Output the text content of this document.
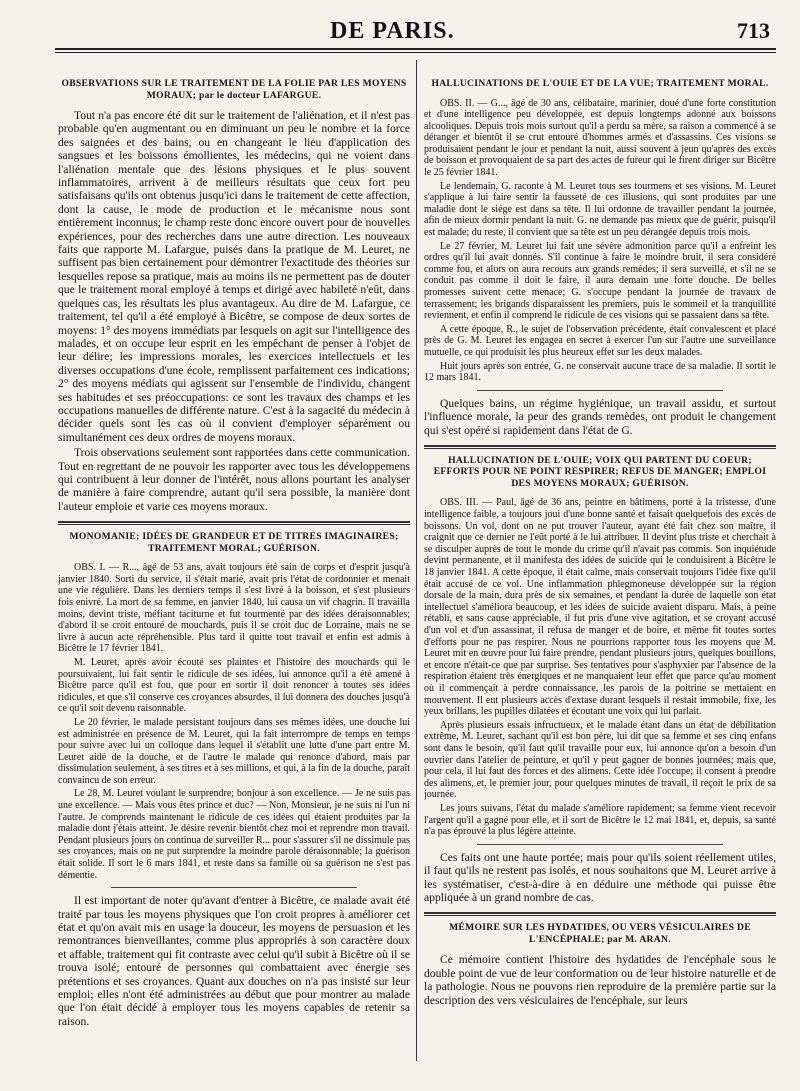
DE PARIS.	713
OBSERVATIONS SUR LE TRAITEMENT DE LA FOLIE PAR LES MOYENS MORAUX; par le docteur LAFARGUE.

Tout n'a pas encore été dit sur le traitement de l'aliénation, et il n'est pas probable qu'en augmentant ou en diminuant un peu le nombre et la force des saignées et des bains, ou en changeant le lieu d'application des sangsues et les boissons émollientes, les médecins, qui ne voient dans l'aliénation mentale que des lésions physiques et le plus souvent inflammatoires, arrivent à de meilleurs résultats que ceux fort peu satisfaisans qu'ils ont obtenus jusqu'ici dans le traitement de cette affection, dont la cause, le mode de production et le mécanisme nous sont entièrement inconnus; le champ reste donc encore ouvert pour de nouvelles expériences, pour des recherches dans une autre direction. Les nouveaux faits que rapporte M. Lafargue, puisés dans la pratique de M. Leuret, ne suffisent pas bien certainement pour démontrer l'exactitude des théories sur lesquelles repose sa pratique, mais au moins ils ne permettent pas de douter que le traitement moral employé à temps et dirigé avec habileté n'eût, dans quelques cas, les résultats les plus avantageux. Au dire de M. Lafargue, ce traitement, tel qu'il a été employé à Bicêtre, se compose de deux sortes de moyens: 1° des moyens immédiats par lesquels on agit sur l'intelligence des malades, et on occupe leur esprit en les empêchant de penser à l'objet de leur délire; les impressions morales, les exercices intellectuels et les diverses occupations d'une école, remplissent parfaitement ces indications; 2° des moyens médiats qui agissent sur l'ensemble de l'individu, changent ses habitudes et ses préoccupations: ce sont les travaux des champs et les occupations manuelles de différente nature. C'est à la sagacité du médecin à décider quels sont les cas où il convient d'employer séparément ou simultanément ces deux ordres de moyens moraux.

Trois observations seulement sont rapportées dans cette communication. Tout en regrettant de ne pouvoir les rapporter avec tous les développemens qui contribuent à leur donner de l'intérêt, nous allons pourtant les analyser de manière à faire comprendre, autant qu'il sera possible, la manière dont l'auteur emploie et varie ces moyens moraux.

MONOMANIE; IDÉES DE GRANDEUR ET DE TITRES IMAGINAIRES; TRAITEMENT MORAL; GUÉRISON.

OBS. I. — R..., âgé de 53 ans, avait toujours été sain de corps et d'esprit jusqu'à janvier 1840. Sorti du service, il s'était marié, avait pris l'état de cordonnier et menait une vie régulière. Dans les derniers temps il s'est livré à la boisson, et s'est plusieurs fois enivré. La mort de sa femme, en janvier 1840, lui causa un vif chagrin. Il travailla moins, devint triste, méfiant taciturne et fut tourmenté par des idées déraisonnables; d'abord il se croit entouré de mouchards, puis il se croit duc de Lorraine, mais ne se livre à aucun acte répréhensible. Plus tard il quitte tout travail et enfin est admis à Bicêtre le 17 février 1841.

M. Leuret, après avoir écouté ses plaintes et l'histoire des mouchards qui le poursuivaient, lui fait sentir le ridicule de ses idées, lui annonce qu'il a été amené à Bicêtre parce qu'il est fou, que pour en sortir il doit renoncer à toutes ses idées ridicules, et que s'il conserve ces croyances absurdes, il lui donnera des douches jusqu'à ce qu'il soit devenu raisonnable.

Le 20 février, le malade persistant toujours dans ses mêmes idées, une douche lui est administrée en présence de M. Leuret, qui la fait interrompre de temps en temps pour suivre avec lui un colloque dans lequel il s'établit une lutte d'une part entre M. Leuret aidé de la douche, et de l'autre le malade qui renonce d'abord, mais par dissimulation seulement, à ses titres et à ses millions, et qui, à la fin de la douche, paraît convaincu de son erreur.

Le 28, M. Leuret voulant le surprendre; bonjour à son excellence. — Je ne suis pas une excellence. — Mais vous êtes prince et duc? — Non, Monsieur, je ne suis ni l'un ni l'autre. Je comprends maintenant le ridicule de ces idées qui étaient produites par la maladie dont j'étais atteint. Je désire revenir bientôt chez moi et reprendre mon travail. Pendant plusieurs jours on continua de surveiller R... pour s'assurer s'il ne dissimule pas ses croyances, mais on ne put surprendre la moindre parole déraisonnable; la guérison était solide. Il sort le 6 mars 1841, et reste dans sa famille où sa guérison ne s'est pas démentie.

Il est important de noter qu'avant d'entrer à Bicêtre, ce malade avait été traité par tous les moyens physiques que l'on croit propres à améliorer cet état et qu'on avait mis en usage la douceur, les moyens de persuasion et les remontrances bienveillantes, comme plus appropriés à son caractère doux et affable, traitement qui fit contraste avec celui qu'il subit à Bicêtre où il se trouva isolé; entouré de personnes qui combattaient avec énergie ses prétentions et ses croyances. Quant aux douches on n'a pas insisté sur leur emploi; elles n'ont été administrées au début que pour montrer au malade que l'on était décidé à employer tous les moyens capables de retenir sa raison.

HALLUCINATIONS DE L'OUIE ET DE LA VUE; TRAITEMENT MORAL.

OBS. II. — G..., âgé de 30 ans, célibataire, marinier, doué d'une forte constitution et d'une intelligence peu développée, est depuis longtemps adonné aux boissons alcooliques. Depuis trois mois surtout qu'il a perdu sa mère, sa raison a commencé à se déranger et bientôt il se crut entouré d'hommes armés et d'assassins. Ces visions se produisaient pendant le jour et pendant la nuit, aussi souvent à jeun qu'après des excès de boisson et provoquaient de sa part des actes de fureur qui le firent diriger sur Bicêtre le 25 février 1841.

Le lendemain, G. raconte à M. Leuret tous ses tourmens et ses visions. M. Leuret s'applique à lui faire sentir la fausseté de ces illusions, qui sont produites par une maladie dont le siége est dans sa tête. Il lui ordonne de travailler pendant la journée, afin de mieux dormir pendant la nuit. G. ne demande pas mieux que de guérir, puisqu'il est malade; du reste, il convient que sa tête est un peu dérangée depuis trois mois.

Le 27 février, M. Leuret lui fait une sévère admonition parce qu'il a enfreint les ordres qu'il lui avait donnés. S'il continue à faire le moindre bruit, il sera considéré comme fou, et alors on aura recours aux grands remèdes; il sera surveillé, et s'il ne se conduit pas comme il doit le faire, il aura demain une forte douche. De belles promesses suivent cette menace; G. s'occupe pendant la journée de travaux de terrassement; les brigands disparaissent les premiers, puis le sommeil et la tranquillité reviennent, et enfin il comprend le ridicule de ces visions qui se passaient dans sa tête.

A cette époque, R., le sujet de l'observation précédente, était convalescent et placé près de G. M. Leuret les engagea en secret à exercer l'un sur l'autre une surveillance mutuelle, ce qui produisit les plus heureux effet sur les deux malades.

Huit jours après son entrée, G. ne conservait aucune trace de sa maladie. Il sortit le 12 mars 1841.

Quelques bains, un régime hygiénique, un travail assidu, et surtout l'influence morale, la peur des grands remèdes, ont produit le changement qui s'est opéré si rapidement dans l'état de G.

HALLUCINATION DE L'OUIE; VOIX QUI PARTENT DU COEUR; EFFORTS POUR NE POINT RESPIRER; REFUS DE MANGER; EMPLOI DES MOYENS MORAUX; GUÉRISON.

OBS. III. — Paul, âgé de 36 ans, peintre en bâtimens, porté à la tristesse, d'une intelligence faible, a toujours joui d'une bonne santé et faisait quelquefois des excès de boissons. Un vol, dont on ne put trouver l'auteur, ayant été fait chez son maître, il craignit que ce dernier ne l'eût porté à le lui attribuer. Il devint plus triste et cherchait à se disculper auprès de tout le monde du crime qu'il n'avait pas commis. Son inquiétude devint permanente, et il manifesta des idées de suicide qui le conduisirent à Bicêtre le 18 janvier 1841. A cette époque, il était calme, mais conservait toujours l'idée fixe qu'il était accusé de ce vol. Une inflammation phlegmoneuse développée sur la région dorsale de la main, dura près de six semaines, et pendant la durée de laquelle son état intellectuel s'améliora beaucoup, et les idées de suicide avaient disparu. Mais, à peine rétabli, et sans cause appréciable, il fut pris d'une vive agitation, et se croyant accusé d'un vol et d'un assassinat, il refusa de manger et de boire, et même fit toutes sortes d'efforts pour ne pas respirer. Nous ne pourrions rapporter tous les moyens que M. Leuret mit en œuvre pour lui faire prendre, pendant plusieurs jours, quelques bouillons, et encore n'était-ce que par surprise. Ses tentatives pour s'asphyxier par l'absence de la respiration étaient très énergiques et ne manquaient leur effet que parce qu'au moment où il commençait à perdre connaissance, les parois de la poitrine se mettaient en mouvement. Il eut plusieurs accès d'extase durant lesquels il restait immobile, fixe, les yeux brillans, les pupilles dilatées et écoutant une voix qui lui parlait.

Après plusieurs essais infructueux, et le malade étant dans un état de débilitation extrême, M. Leuret, sachant qu'il est bon père, lui dit que sa femme et ses cinq enfans sont dans le besoin, qu'il faut qu'il travaille pour eux, lui annonce qu'on a besoin d'un ouvrier dans l'atelier de peinture, et qu'il y peut gagner de bonnes journées; mais que, pour cela, il lui faut des forces et des alimens. Cette idée l'occupe; il consent à prendre des alimens, et, le premier jour, pour quelques minutes de travail, il reçoit le prix de sa journée.

Les jours suivans, l'état du malade s'améliore rapidement; sa femme vient recevoir l'argent qu'il a gagné pour elle, et il sort de Bicêtre le 12 mai 1841, et, depuis, sa santé n'a pas éprouvé la plus légère atteinte.

Ces faits ont une haute portée; mais pour qu'ils soient réellement utiles, il faut qu'ils ne restent pas isolés, et nous souhaitons que M. Leuret arrive à les systématiser, c'est-à-dire à en déduire une méthode qui puisse être appliquée à un grand nombre de cas.

MÉMOIRE SUR LES HYDATIDES, OU VERS VÉSICULAIRES DE L'ENCÉPHALE; par M. ARAN.

Ce mémoire contient l'histoire des hydatides de l'encéphale sous le double point de vue de leur conformation ou de leur histoire naturelle et de la pathologie. Nous ne pouvons rien reproduire de la première partie sur la description des vers vésiculaires de l'encéphale, sur leurs
